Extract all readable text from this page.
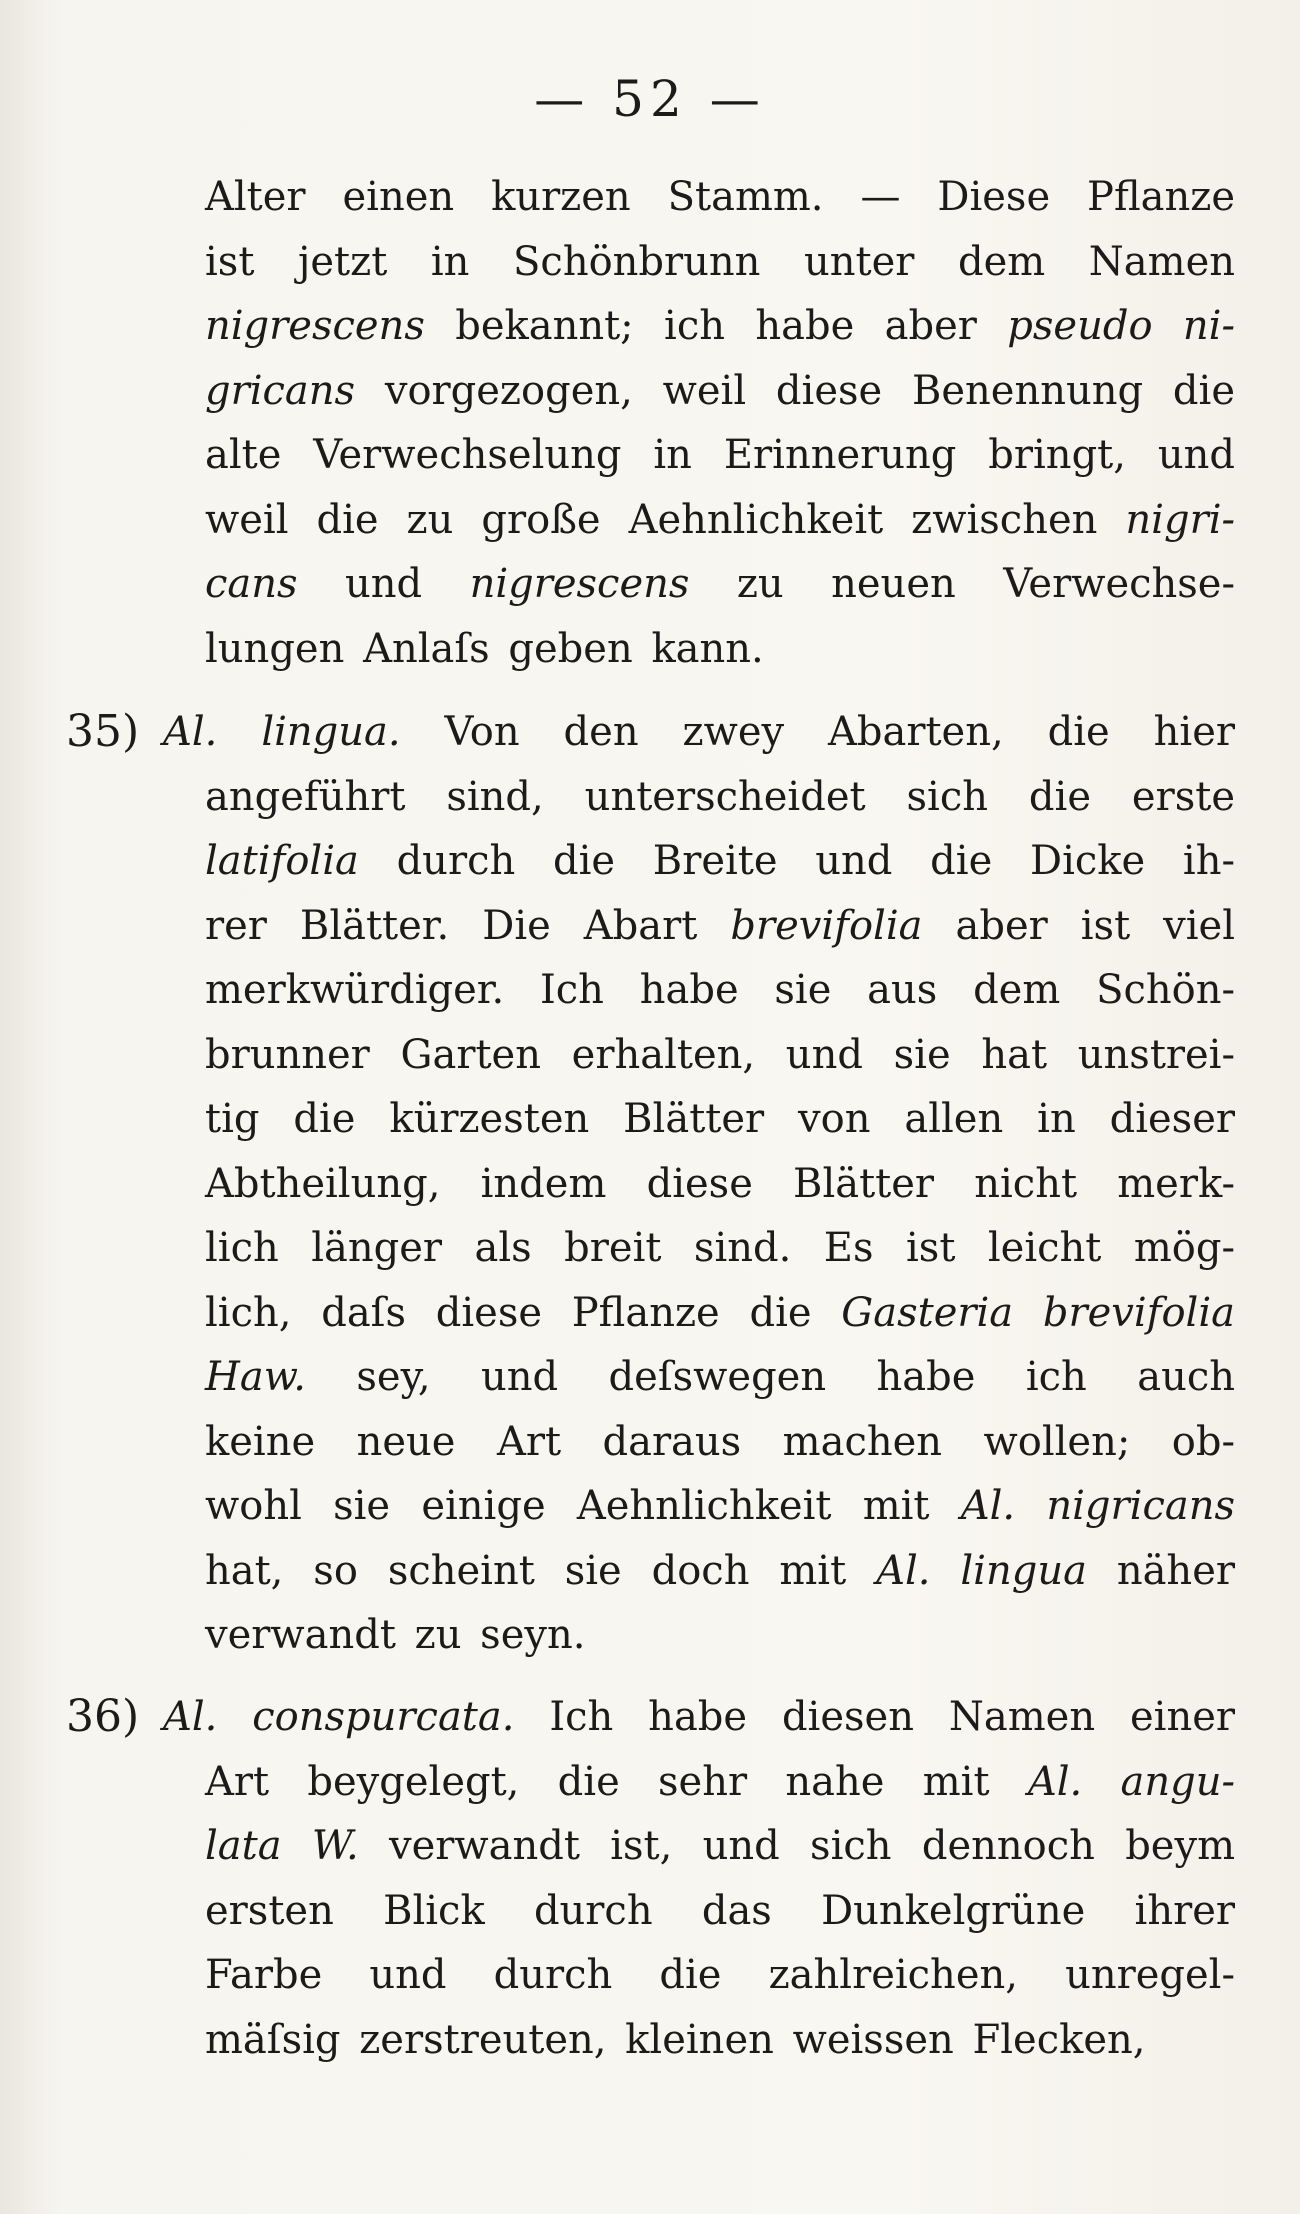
— 52 —
Alter einen kurzen Stamm. — Diese Pflanze
ist jetzt in Schönbrunn unter dem Namen
nigrescens bekannt; ich habe aber pseudo ni-
gricans vorgezogen, weil diese Benennung die
alte Verwechselung in Erinnerung bringt, und
weil die zu große Aehnlichkeit zwischen nigri-
cans und nigrescens zu neuen Verwechse-
lungen Anlaſs geben kann.
35) Al. lingua. Von den zwey Abarten, die hier
angeführt sind, unterscheidet sich die erste
latifolia durch die Breite und die Dicke ih-
rer Blätter. Die Abart brevifolia aber ist viel
merkwürdiger. Ich habe sie aus dem Schön-
brunner Garten erhalten, und sie hat unstrei-
tig die kürzesten Blätter von allen in dieser
Abtheilung, indem diese Blätter nicht merk-
lich länger als breit sind. Es ist leicht mög-
lich, daſs diese Pflanze die Gasteria brevifolia
Haw. sey, und deſswegen habe ich auch
keine neue Art daraus machen wollen; ob-
wohl sie einige Aehnlichkeit mit Al. nigricans
hat, so scheint sie doch mit Al. lingua näher
verwandt zu seyn.
36) Al. conspurcata. Ich habe diesen Namen einer
Art beygelegt, die sehr nahe mit Al. angu-
lata W. verwandt ist, und sich dennoch beym
ersten Blick durch das Dunkelgrüne ihrer
Farbe und durch die zahlreichen, unregel-
mäſsig zerstreuten, kleinen weissen Flecken,
